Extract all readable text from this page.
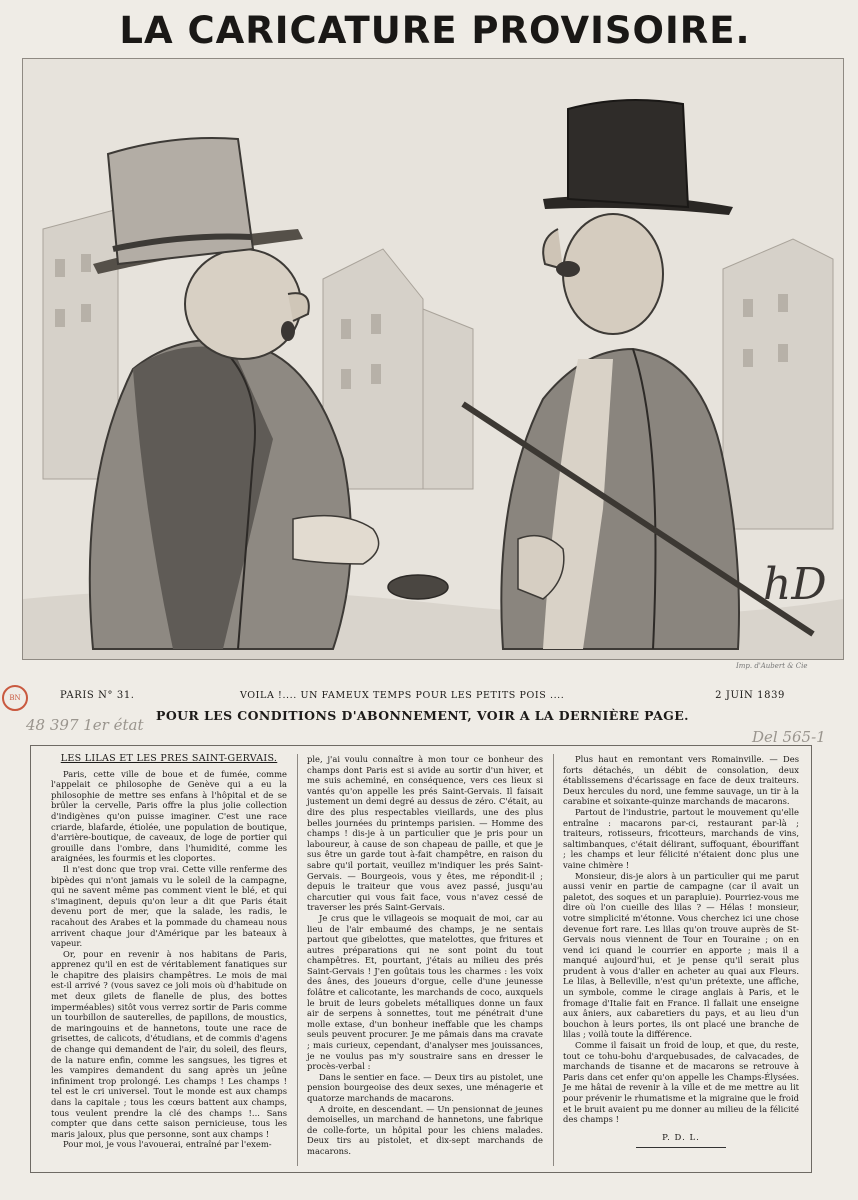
LA CARICATURE PROVISOIRE.
hD
Imp. d'Aubert & Cie
BN	PARIS N° 31.	VOILA !.... UN FAMEUX TEMPS POUR LES PETITS POIS ....	2 JUIN 1839
POUR LES CONDITIONS D'ABONNEMENT, VOIR A LA DERNIÈRE PAGE.
48 397 1er état
Del 565-1
LES LILAS ET LES PRÉS SAINT-GERVAIS.

Paris, cette ville de boue et de fumée, comme l'appelait ce philosophe de Genève qui a eu la philosophie de mettre ses enfans à l'hôpital et de se brûler la cervelle, Paris offre la plus jolie collection d'indigènes qu'on puisse imaginer. C'est une race criarde, blafarde, étiolée, une population de boutique, d'arrière-boutique, de caveaux, de loge de portier qui grouille dans l'ombre, dans l'humidité, comme les araignées, les fourmis et les cloportes.

Il n'est donc que trop vrai. Cette ville renferme des bipèdes qui n'ont jamais vu le soleil de la campagne, qui ne savent même pas comment vient le blé, et qui s'imaginent, depuis qu'on leur a dit que Paris était devenu port de mer, que la salade, les radis, le racahout des Arabes et la pommade du chameau nous arrivent chaque jour d'Amérique par les bateaux à vapeur.

Or, pour en revenir à nos habitans de Paris, apprenez qu'il en est de véritablement fanatiques sur le chapitre des plaisirs champêtres. Le mois de mai est-il arrivé ? (vous savez ce joli mois où d'habitude on met deux gilets de flanelle de plus, des bottes imperméables) sitôt vous verrez sortir de Paris comme un tourbillon de sauterelles, de papillons, de moustics, de maringouins et de hannetons, toute une race de grisettes, de calicots, d'étudians, et de commis d'agens de change qui demandent de l'air, du soleil, des fleurs, de la nature enfin, comme les sangsues, les tigres et les vampires demandent du sang après un jeûne infiniment trop prolongé. Les champs ! Les champs ! tel est le cri universel. Tout le monde est aux champs dans la capitale ; tous les cœurs battent aux champs, tous veulent prendre la clé des champs !... Sans compter que dans cette saison pernicieuse, tous les maris jaloux, plus que personne, sont aux champs !

Pour moi, je vous l'avouerai, entraîné par l'exem-

ple, j'ai voulu connaître à mon tour ce bonheur des champs dont Paris est si avide au sortir d'un hiver, et me suis acheminé, en conséquence, vers ces lieux si vantés qu'on appelle les prés Saint-Gervais. Il faisait justement un demi degré au dessus de zéro. C'était, au dire des plus respectables vieillards, une des plus belles journées du printemps parisien. — Homme des champs ! dis-je à un particulier que je pris pour un laboureur, à cause de son chapeau de paille, et que je sus être un garde tout à-fait champêtre, en raison du sabre qu'il portait, veuillez m'indiquer les prés Saint-Gervais. — Bourgeois, vous y êtes, me répondit-il ; depuis le traiteur que vous avez passé, jusqu'au charcutier qui vous fait face, vous n'avez cessé de traverser les prés Saint-Gervais.

Je crus que le villageois se moquait de moi, car au lieu de l'air embaumé des champs, je ne sentais partout que gibelottes, que matelottes, que fritures et autres préparations qui ne sont point du tout champêtres. Et, pourtant, j'étais au milieu des prés Saint-Gervais ! J'en goûtais tous les charmes : les voix des ânes, des joueurs d'orgue, celle d'une jeunesse folâtre et calicotante, les marchands de coco, auxquels le bruit de leurs gobelets métalliques donne un faux air de serpens à sonnettes, tout me pénétrait d'une molle extase, d'un bonheur ineffable que les champs seuls peuvent procurer. Je me pâmais dans ma cravate ; mais curieux, cependant, d'analyser mes jouissances, je ne voulus pas m'y soustraire sans en dresser le procès-verbal :

Dans le sentier en face. — Deux tirs au pistolet, une pension bourgeoise des deux sexes, une ménagerie et quatorze marchands de macarons.

A droite, en descendant. — Un pensionnat de jeunes demoiselles, un marchand de hannetons, une fabrique de colle-forte, un hôpital pour les chiens malades. Deux tirs au pistolet, et dix-sept marchands de macarons.

Plus haut en remontant vers Romainville. — Des forts détachés, un débit de consolation, deux établissemens d'écarissage en face de deux traiteurs. Deux hercules du nord, une femme sauvage, un tir à la carabine et soixante-quinze marchands de macarons.

Partout de l'industrie, partout le mouvement qu'elle entraîne : macarons par-ci, restaurant par-là ; traiteurs, rotisseurs, fricotteurs, marchands de vins, saltimbanques, c'était délirant, suffoquant, ébouriffant ; les champs et leur félicité n'étaient donc plus une vaine chimère !

Monsieur, dis-je alors à un particulier qui me parut aussi venir en partie de campagne (car il avait un paletot, des soques et un parapluie). Pourriez-vous me dire où l'on cueille des lilas ? — Hélas ! monsieur, votre simplicité m'étonne. Vous cherchez ici une chose devenue fort rare. Les lilas qu'on trouve auprès de St-Gervais nous viennent de Tour en Touraine ; on en vend ici quand le courrier en apporte ; mais il a manqué aujourd'hui, et je pense qu'il serait plus prudent à vous d'aller en acheter au quai aux Fleurs. Le lilas, à Belleville, n'est qu'un prétexte, une affiche, un symbole, comme le cirage anglais à Paris, et le fromage d'Italie fait en France. Il fallait une enseigne aux âniers, aux cabaretiers du pays, et au lieu d'un bouchon à leurs portes, ils ont placé une branche de lilas ; voilà toute la différence.

Comme il faisait un froid de loup, et que, du reste, tout ce tohu-bohu d'arquebusades, de calvacades, de marchands de tisanne et de macarons se retrouve à Paris dans cet enfer qu'on appelle les Champs-Élysées. Je me hâtai de revenir à la ville et de me mettre au lit pour prévenir le rhumatisme et la migraine que le froid et le bruit avaient pu me donner au milieu de la félicité des champs !

P. D. L.
